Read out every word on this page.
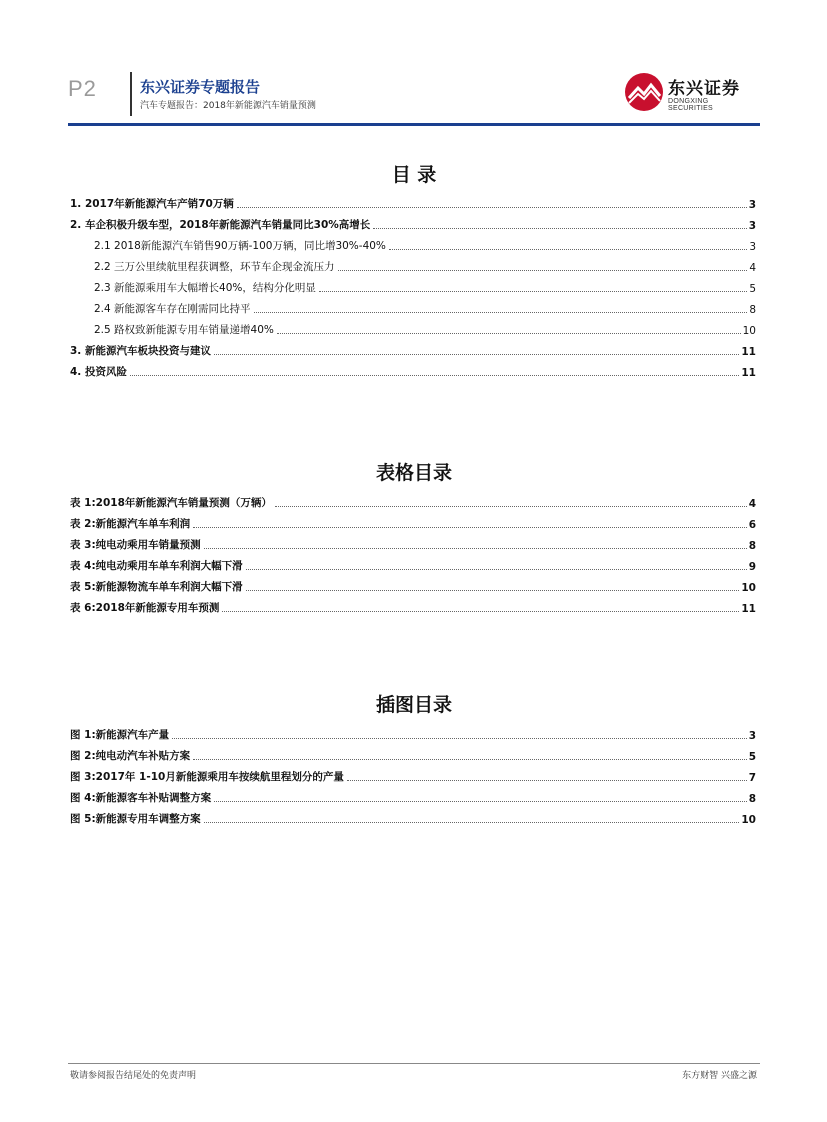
P2	东兴证券专题报告
汽车专题报告：2018年新能源汽车销量预测
东兴证券
DONGXING SECURITIES
目 录
1. 2017年新能源汽车产销70万辆	3
2. 车企积极升级车型，2018年新能源汽车销量同比30%高增长	3
2.1 2018新能源汽车销售90万辆-100万辆，同比增30%-40%	3
2.2 三万公里续航里程获调整，环节车企现金流压力	4
2.3 新能源乘用车大幅增长40%，结构分化明显	5
2.4 新能源客车存在刚需同比持平	8
2.5 路权致新能源专用车销量递增40%	10
3. 新能源汽车板块投资与建议	11
4. 投资风险	11
表格目录
表 1:2018年新能源汽车销量预测（万辆）	4
表 2:新能源汽车单车利润	6
表 3:纯电动乘用车销量预测	8
表 4:纯电动乘用车单车利润大幅下滑	9
表 5:新能源物流车单车利润大幅下滑	10
表 6:2018年新能源专用车预测	11
插图目录
图 1:新能源汽车产量	3
图 2:纯电动汽车补贴方案	5
图 3:2017年 1-10月新能源乘用车按续航里程划分的产量	7
图 4:新能源客车补贴调整方案	8
图 5:新能源专用车调整方案	10
敬请参阅报告结尾处的免责声明	东方财智 兴盛之源
